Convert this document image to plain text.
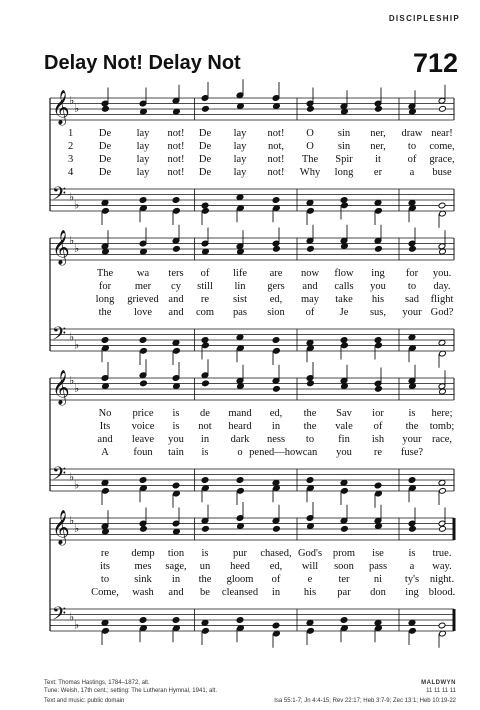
DISCIPLESHIP
Delay Not! Delay Not	712
𝄞 ♭
♭
𝄢 ♭
♭
1 De lay not! De lay not! O sin ner, draw near!
2 De lay not! De lay not, O sin ner, to come,
3 De lay not! De lay not! The Spir it	of grace,
4 De lay not! De lay not! Why long er	a buse
𝄞 ♭
♭
𝄢 ♭
♭
The wa ters of life are now flow ing for you.
for mer cy still lin gers and calls you to day.
long grieved and re sist ed, may take his sad flight
the love and com pas sion of Je sus, your God?
𝄞 ♭
♭
𝄢 ♭
♭
No price is de mand ed, the Sav ior is here;
Its voice is not heard in the vale of the tomb;
and leave you in dark ness to fin ish your race,
A foun tain is	o pened—how can you re fuse?
𝄞 ♭
♭
𝄢 ♭
♭
re demp tion is pur chased, God's prom ise is true.
its mes sage, un heed ed, will soon pass a way.
to sink in the gloom of	e ter ni ty's night.
Come, wash and be cleansed in his par don ing blood.
Text: Thomas Hastings, 1784–1872, alt.
Tune: Welsh, 17th cent.; setting: The Lutheran Hymnal, 1941, alt.
Text and music: public domain
MALDWYN
11 11 11 11
Isa 55:1-7; Jn 4:4-15; Rev 22:17; Heb 3:7-9; Zec 13:1; Heb 10:19-22
